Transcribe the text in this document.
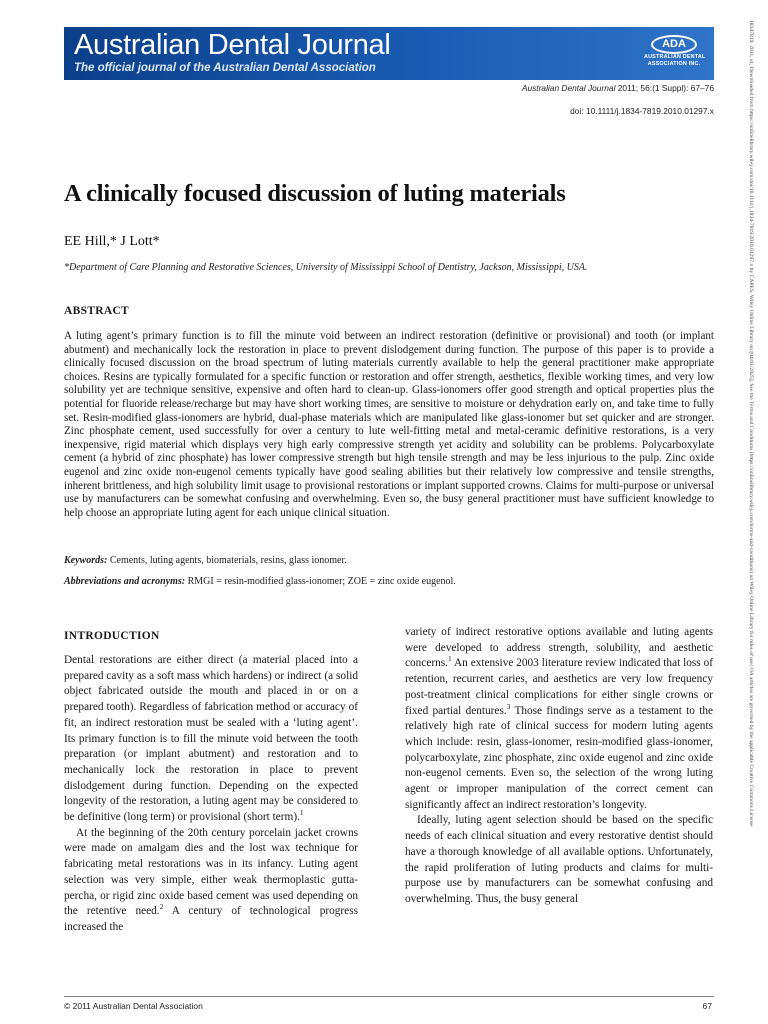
Australian Dental Journal
The official journal of the Australian Dental Association
ADA
AUSTRALIAN DENTAL
ASSOCIATION INC.
Australian Dental Journal 2011; 56:(1 Suppl): 67–76
doi: 10.1111/j.1834-7819.2010.01297.x	18347819, 2011, s1, Downloaded from https://onlinelibrary.wiley.com/doi/10.1111/j.1834-7819.2010.01297.x by CAPES, Wiley Online Library on [04/01/2025]. See the Terms and Conditions (https://onlinelibrary.wiley.com/terms-and-conditions) on Wiley Online Library for rules of use; OA articles are governed by the applicable Creative Commons License
A clinically focused discussion of luting materials
EE Hill,* J Lott*
*Department of Care Planning and Restorative Sciences, University of Mississippi School of Dentistry, Jackson, Mississippi, USA.
ABSTRACT

A luting agent’s primary function is to fill the minute void between an indirect restoration (definitive or provisional) and tooth (or implant abutment) and mechanically lock the restoration in place to prevent dislodgement during function. The purpose of this paper is to provide a clinically focused discussion on the broad spectrum of luting materials currently available to help the general practitioner make appropriate choices. Resins are typically formulated for a specific function or restoration and offer strength, aesthetics, flexible working times, and very low solubility yet are technique sensitive, expensive and often hard to clean-up. Glass-ionomers offer good strength and optical properties plus the potential for fluoride release/recharge but may have short working times, are sensitive to moisture or dehydration early on, and take time to fully set. Resin-modified glass-ionomers are hybrid, dual-phase materials which are manipulated like glass-ionomer but set quicker and are stronger. Zinc phosphate cement, used successfully for over a century to lute well-fitting metal and metal-ceramic definitive restorations, is a very inexpensive, rigid material which displays very high early compressive strength yet acidity and solubility can be problems. Polycarboxylate cement (a hybrid of zinc phosphate) has lower compressive strength but high tensile strength and may be less injurious to the pulp. Zinc oxide eugenol and zinc oxide non-eugenol cements typically have good sealing abilities but their relatively low compressive and tensile strengths, inherent brittleness, and high solubility limit usage to provisional restorations or implant supported crowns. Claims for multi-purpose or universal use by manufacturers can be somewhat confusing and overwhelming. Even so, the busy general practitioner must have sufficient knowledge to help choose an appropriate luting agent for each unique clinical situation.

Keywords: Cements, luting agents, biomaterials, resins, glass ionomer.
Abbreviations and acronyms: RMGI = resin-modified glass-ionomer; ZOE = zinc oxide eugenol.
INTRODUCTION

Dental restorations are either direct (a material placed into a prepared cavity as a soft mass which hardens) or indirect (a solid object fabricated outside the mouth and placed in or on a prepared tooth). Regardless of fabrication method or accuracy of fit, an indirect restoration must be sealed with a ‘luting agent’. Its primary function is to fill the minute void between the tooth preparation (or implant abutment) and restoration and to mechanically lock the restoration in place to prevent dislodgement during function. Depending on the expected longevity of the restoration, a luting agent may be considered to be definitive (long term) or provisional (short term).$^1$

At the beginning of the 20th century porcelain jacket crowns were made on amalgam dies and the lost wax technique for fabricating metal restorations was in its infancy. Luting agent selection was very simple, either weak thermoplastic gutta-percha, or rigid zinc oxide based cement was used depending on the retentive need.$^2$ A century of technological progress increased the

variety of indirect restorative options available and luting agents were developed to address strength, solubility, and aesthetic concerns.$^1$ An extensive 2003 literature review indicated that loss of retention, recurrent caries, and aesthetics are very low frequency post-treatment clinical complications for either single crowns or fixed partial dentures.$^3$ Those findings serve as a testament to the relatively high rate of clinical success for modern luting agents which include: resin, glass-ionomer, resin-modified glass-ionomer, polycarboxylate, zinc phosphate, zinc oxide eugenol and zinc oxide non-eugenol cements. Even so, the selection of the wrong luting agent or improper manipulation of the correct cement can significantly affect an indirect restoration’s longevity.

Ideally, luting agent selection should be based on the specific needs of each clinical situation and every restorative dentist should have a thorough knowledge of all available options. Unfortunately, the rapid proliferation of luting products and claims for multi-purpose use by manufacturers can be somewhat confusing and overwhelming. Thus, the busy general

© 2011 Australian Dental Association	67
